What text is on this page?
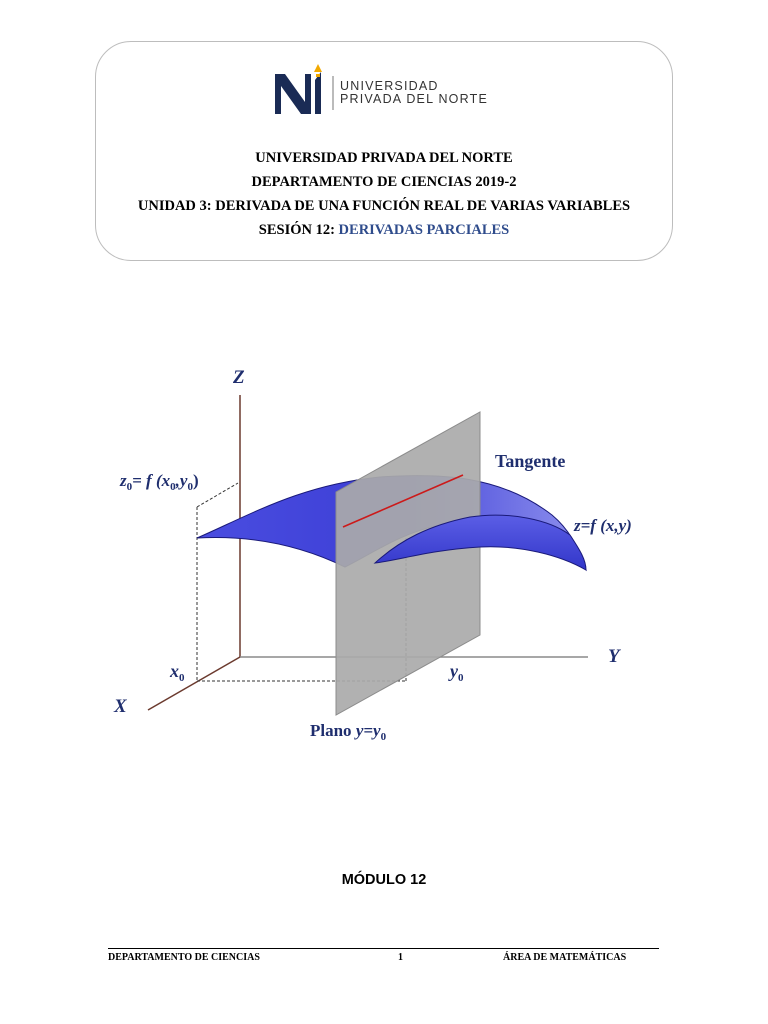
UNIVERSIDAD
PRIVADA DEL NORTE
UNIVERSIDAD PRIVADA DEL NORTE
DEPARTAMENTO DE CIENCIAS 2019-2
UNIDAD 3: DERIVADA DE UNA FUNCIÓN REAL DE VARIAS VARIABLES
SESIÓN 12: DERIVADAS PARCIALES
Z
Y
X
$z_0= f$ $(x_0,y_0)$
Tangente
z=f (x,y)
$x_0$	$y_0$
Plano $y=y_0$
MÓDULO 12
DEPARTAMENTO DE CIENCIAS	1	ÁREA DE MATEMÁTICAS
